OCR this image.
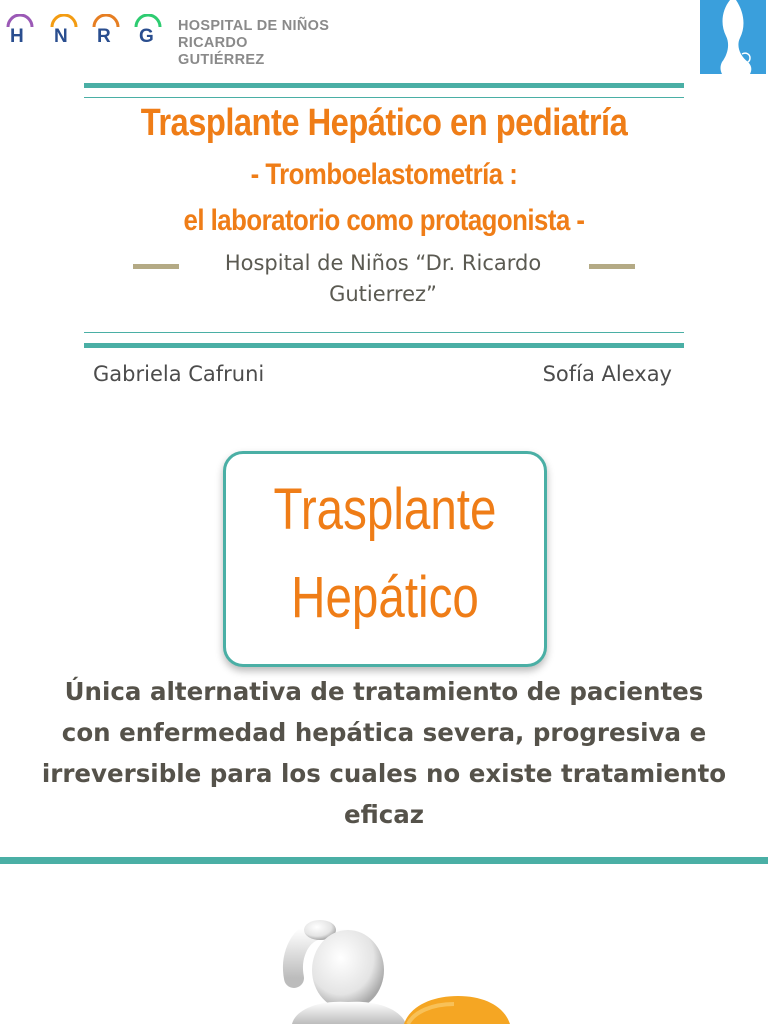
H N R G HOSPITAL DE NIÑOS
RICARDO GUTIÉRREZ
Trasplante Hepático en pediatría
- Tromboelastometría :
el laboratorio como protagonista -
Hospital de Niños “Dr. Ricardo Gutierrez”
Gabriela Cafruni	Sofía Alexay
Trasplante
Hepático
Única alternativa de tratamiento de pacientes con enfermedad hepática severa, progresiva e irreversible para los cuales no existe tratamiento eficaz
